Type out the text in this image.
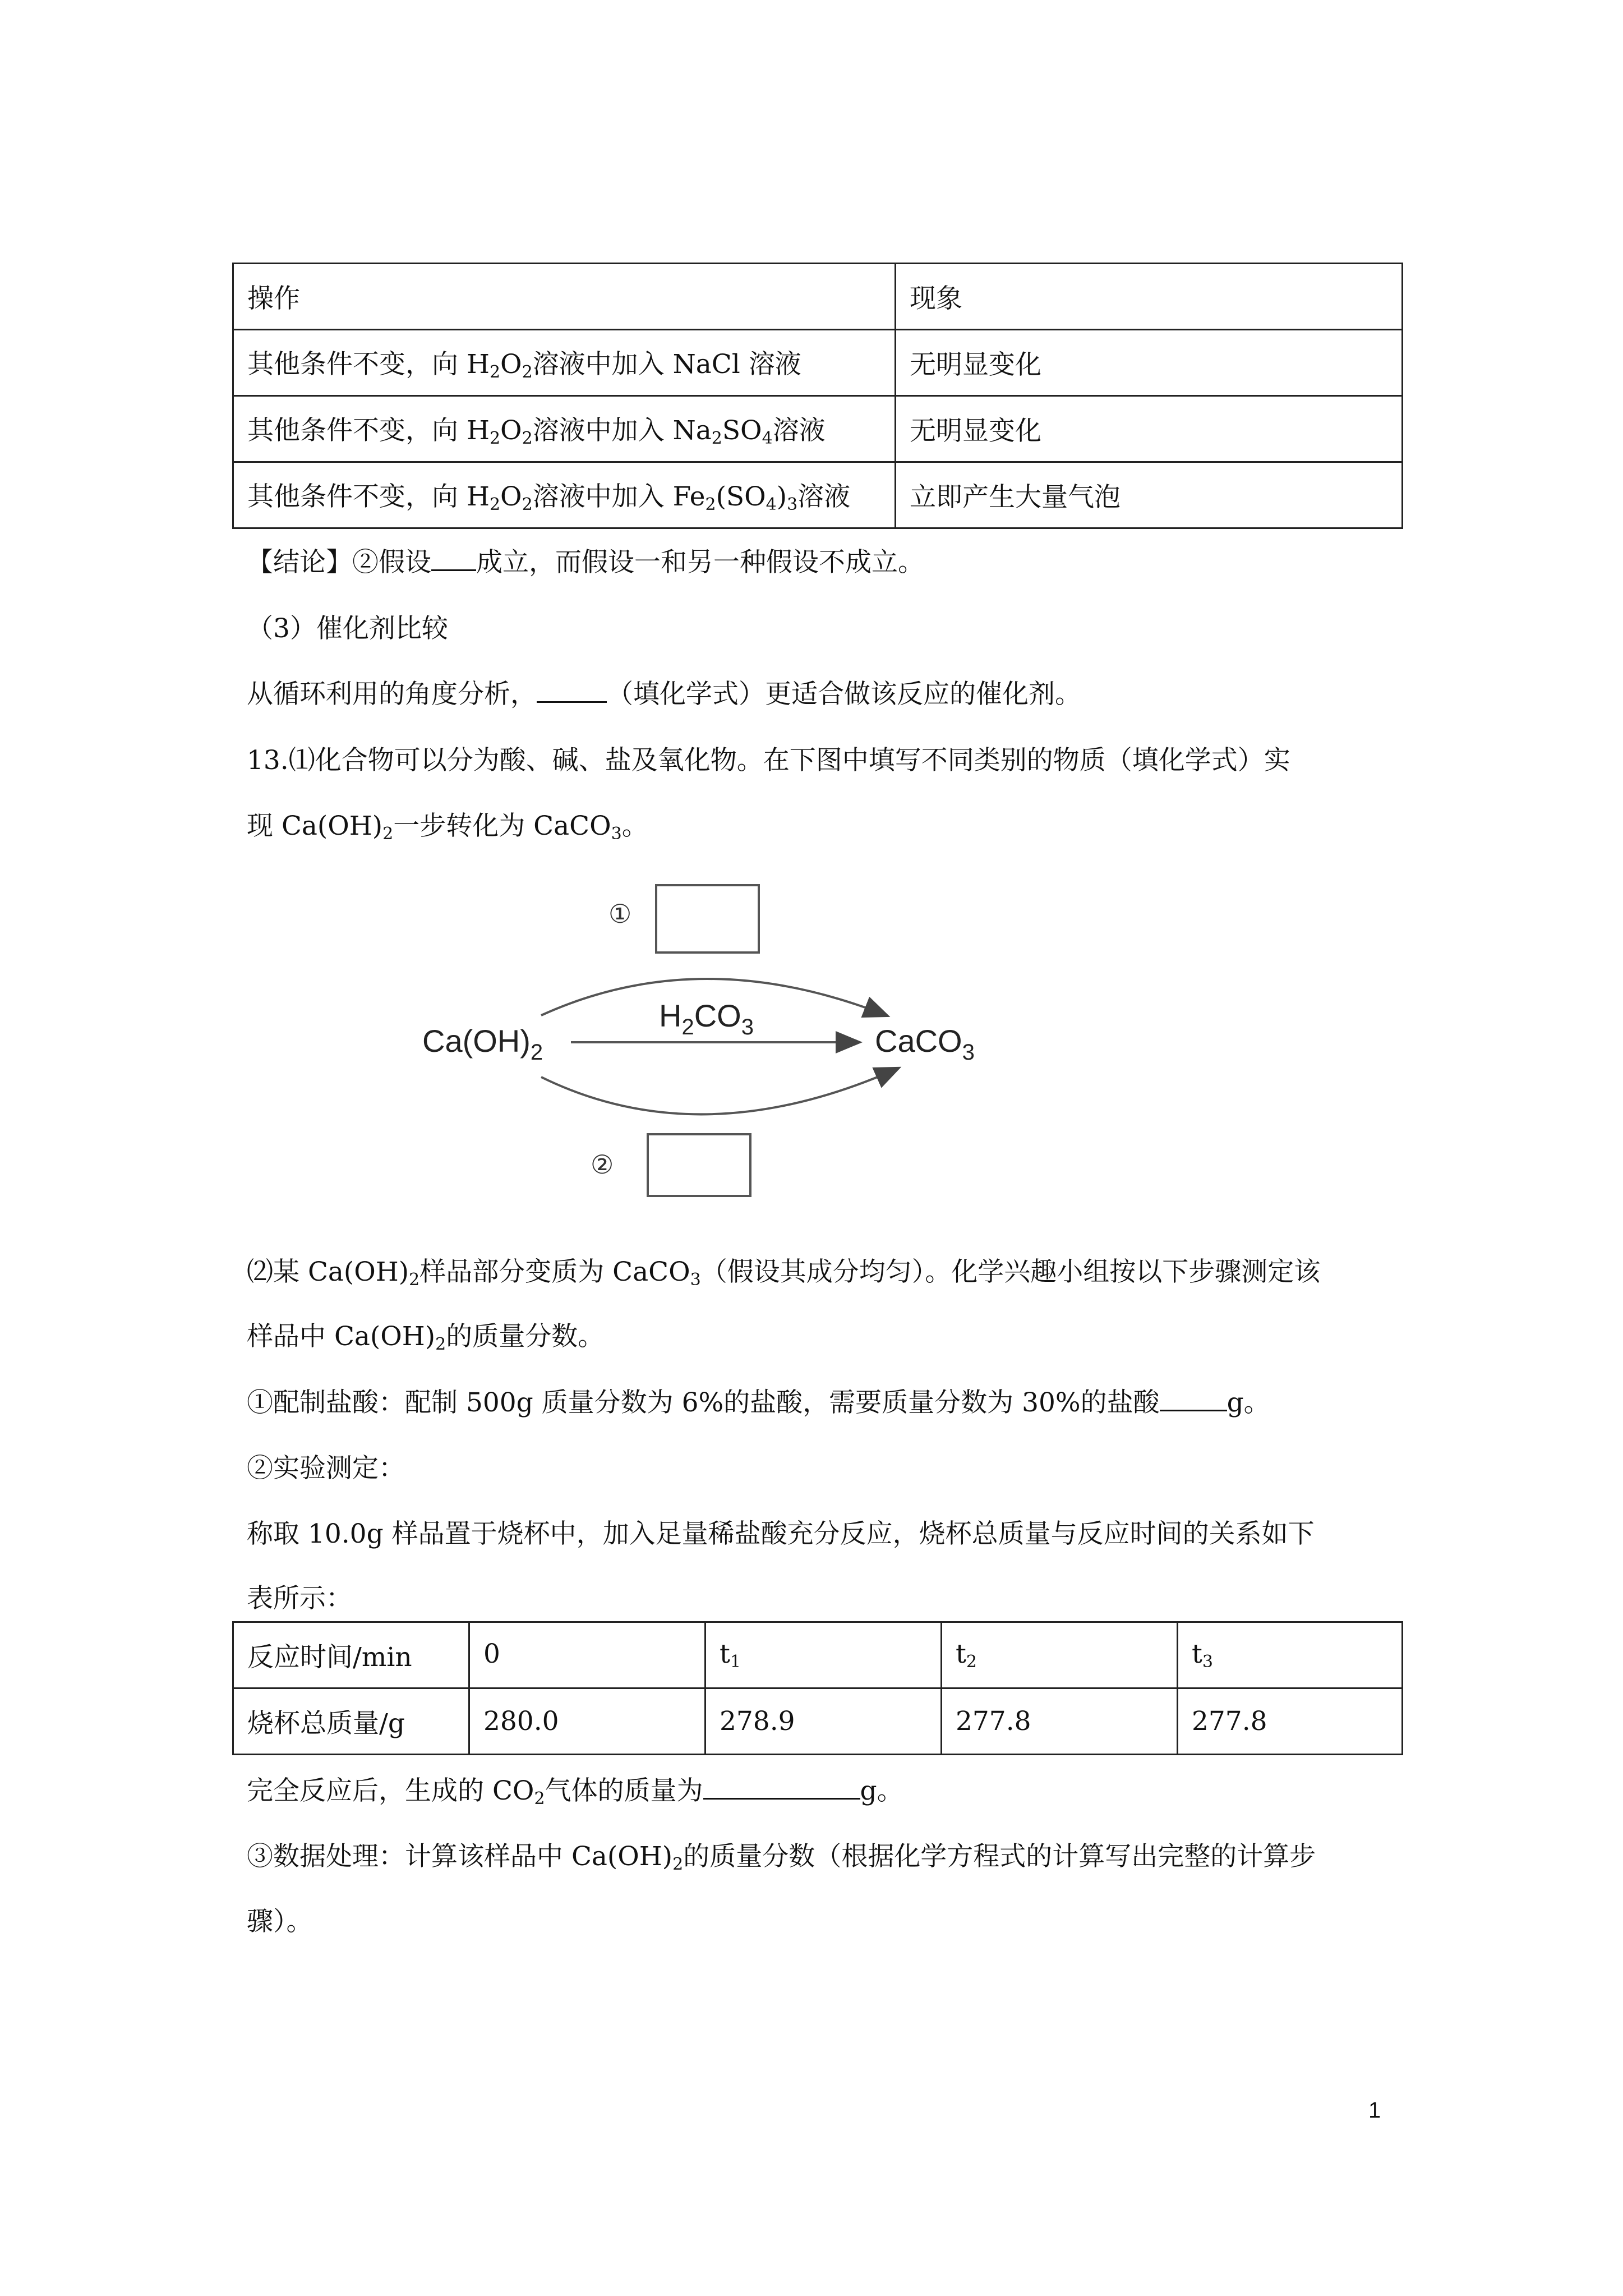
操作	现象
其他条件不变，向 $H_2O_2$溶液中加入 NaCl 溶液	无明显变化
其他条件不变，向 $H_2O_2$溶液中加入 $Na_2SO_4$溶液	无明显变化
其他条件不变，向 $H_2O_2$溶液中加入 $Fe_2(SO_4)_3$溶液	立即产生大量气泡
【结论】②假设 成立，而假设一和另一种假设不成立。
（3）催化剂比较
从循环利用的角度分析，	（填化学式）更适合做该反应的催化剂。
13.⑴化合物可以分为酸、碱、盐及氧化物。在下图中填写不同类别的物质（填化学式）实
现 $Ca(OH)_2$一步转化为 CaCO$_3$。
①
$Ca(OH)_2$
$H_2CO_3$	CaCO$_3$
②
⑵某 $Ca(OH)_2$样品部分变质为 CaCO$_3$（假设其成分均匀）。化学兴趣小组按以下步骤测定该
样品中 $Ca(OH)_2$的质量分数。
①配制盐酸：配制 500g 质量分数为 6%的盐酸，需要质量分数为 30%的盐酸	g。
②实验测定：
称取 10.0g 样品置于烧杯中，加入足量稀盐酸充分反应，烧杯总质量与反应时间的关系如下
表所示：
反应时间/min	0	$t_1$	$t_2$	$t_3$
烧杯总质量/g	280.0	278.9	277.8	277.8
完全反应后，生成的 $CO_2$气体的质量为	g。
③数据处理：计算该样品中 $Ca(OH)_2$的质量分数（根据化学方程式的计算写出完整的计算步
骤）。
1
